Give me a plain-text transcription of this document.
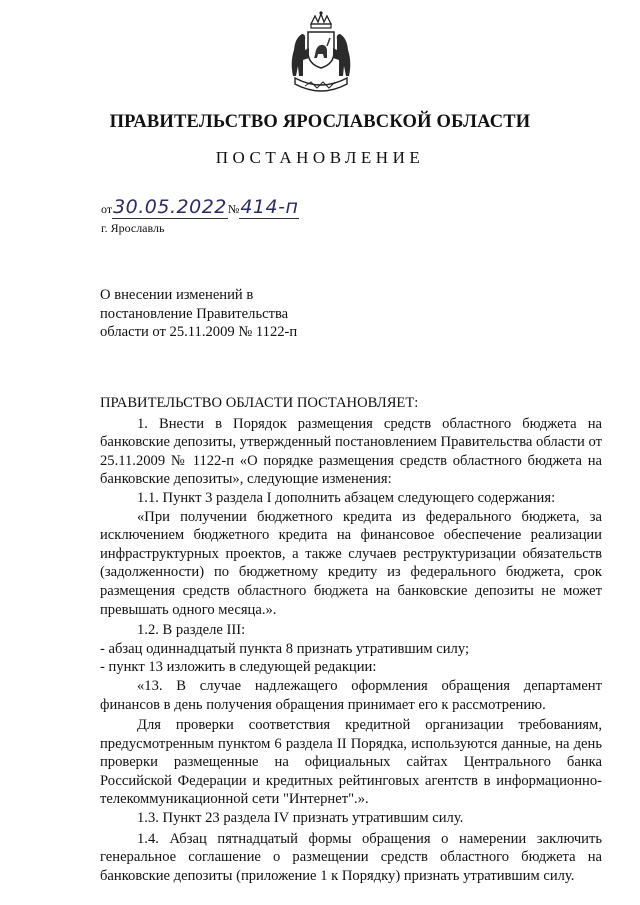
ПРАВИТЕЛЬСТВО ЯРОСЛАВСКОЙ ОБЛАСТИ
ПОСТАНОВЛЕНИЕ
от30.05.2022№414-п
г. Ярославль
О внесении изменений в
постановление Правительства
области от 25.11.2009 № 1122-п

ПРАВИТЕЛЬСТВО ОБЛАСТИ ПОСТАНОВЛЯЕТ:

1. Внести в Порядок размещения средств областного бюджета на банковские депозиты, утвержденный постановлением Правительства области от 25.11.2009 № 1122-п «О порядке размещения средств областного бюджета на банковские депозиты», следующие изменения:

1.1. Пункт 3 раздела I дополнить абзацем следующего содержания:

«При получении бюджетного кредита из федерального бюджета, за исключением бюджетного кредита на финансовое обеспечение реализации инфраструктурных проектов, а также случаев реструктуризации обязательств (задолженности) по бюджетному кредиту из федерального бюджета, срок размещения средств областного бюджета на банковские депозиты не может превышать одного месяца.».

1.2. В разделе III:

- абзац одиннадцатый пункта 8 признать утратившим силу;

- пункт 13 изложить в следующей редакции:

«13. В случае надлежащего оформления обращения департамент финансов в день получения обращения принимает его к рассмотрению.

Для проверки соответствия кредитной организации требованиям, предусмотренным пунктом 6 раздела II Порядка, используются данные, на день проверки размещенные на официальных сайтах Центрального банка Российской Федерации и кредитных рейтинговых агентств в информационно-телекоммуникационной сети "Интернет".».

1.3. Пункт 23 раздела IV признать утратившим силу.

1.4. Абзац пятнадцатый формы обращения о намерении заключить генеральное соглашение о размещении средств областного бюджета на банковские депозиты (приложение 1 к Порядку) признать утратившим силу.
